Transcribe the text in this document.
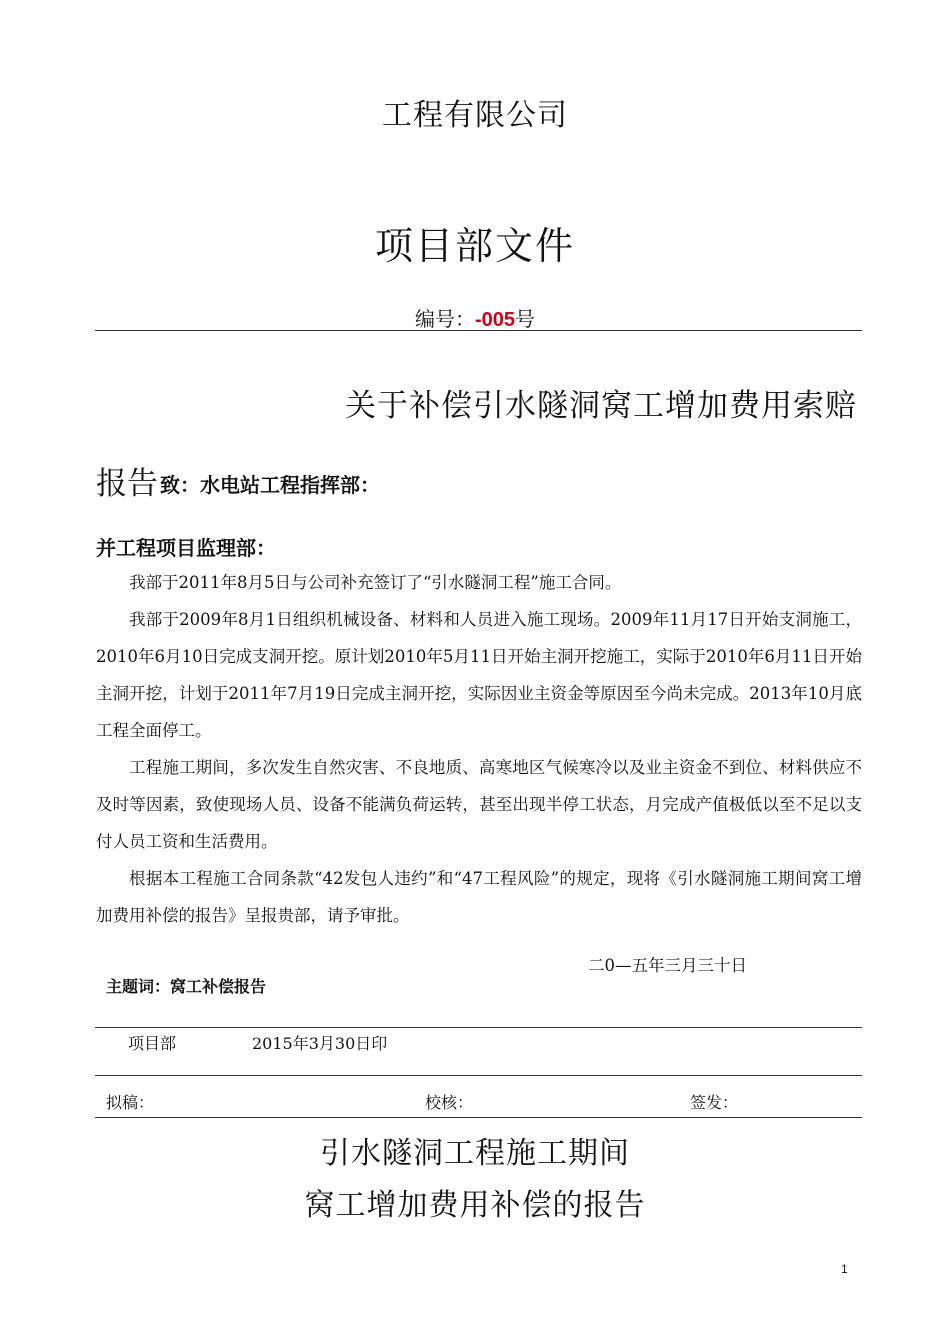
工程有限公司
项目部文件
编号：-005号
关于补偿引水隧洞窝工增加费用索赔
报告 致：水电站工程指挥部：
并工程项目监理部：

我部于2011年8月5日与公司补充签订了“引水隧洞工程”施工合同。

我部于2009年8月1日组织机械设备、材料和人员进入施工现场。2009年11月17日开始支洞施工，2010年6月10日完成支洞开挖。原计划2010年5月11日开始主洞开挖施工，实际于2010年6月11日开始主洞开挖，计划于2011年7月19日完成主洞开挖，实际因业主资金等原因至今尚未完成。2013年10月底工程全面停工。

工程施工期间，多次发生自然灾害、不良地质、高寒地区气候寒冷以及业主资金不到位、材料供应不及时等因素，致使现场人员、设备不能满负荷运转，甚至出现半停工状态，月完成产值极低以至不足以支付人员工资和生活费用。

根据本工程施工合同条款“42发包人违约”和“47工程风险”的规定，现将《引水隧洞施工期间窝工增加费用补偿的报告》呈报贵部，请予审批。

二0—五年三月三十日
主题词：窝工补偿报告
项目部	2015年3月30日印
拟稿：	校核：	签发：
引水隧洞工程施工期间
窝工增加费用补偿的报告
1
